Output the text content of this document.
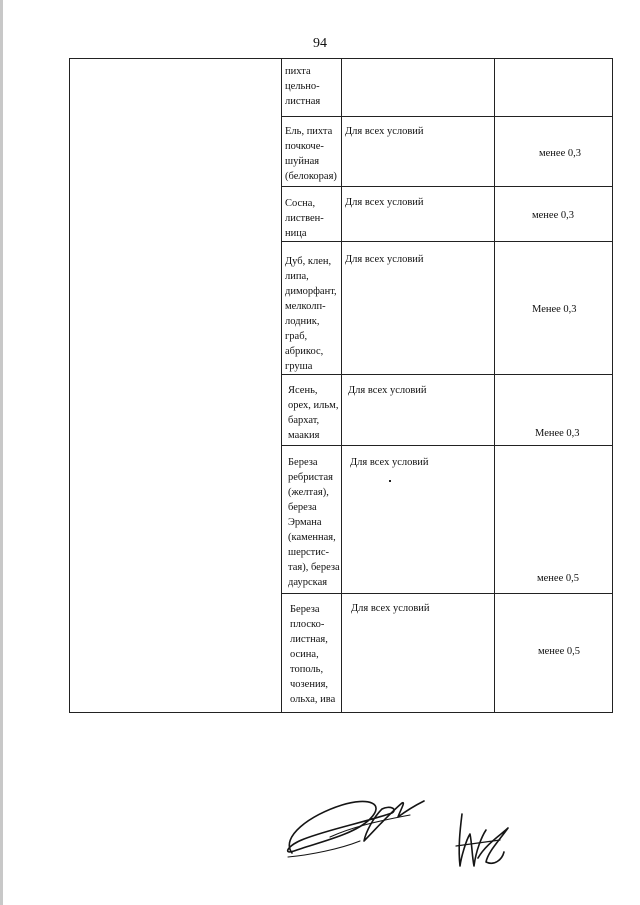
94
пихта
цельно-
листная
Ель, пихта
почкоче-
шуйная
(белокорая)
Для всех условий
менее 0,3
Сосна,
листвен-
ница
Для всех условий
менее 0,3
Дуб, клен,
липа,
диморфант,
мелколп-
лодник,
граб,
абрикос,
груша
Для всех условий
Менее 0,3
Ясень,
орех, ильм,
бархат,
маакия
Для всех условий
Менее 0,3
Береза
ребристая
(желтая),
береза
Эрмана
(каменная,
шерстис-
тая), береза
даурская
Для всех условий
менее 0,5
Береза
плоско-
листная,
осина,
тополь,
чозения,
ольха, ива
Для всех условий
менее 0,5
